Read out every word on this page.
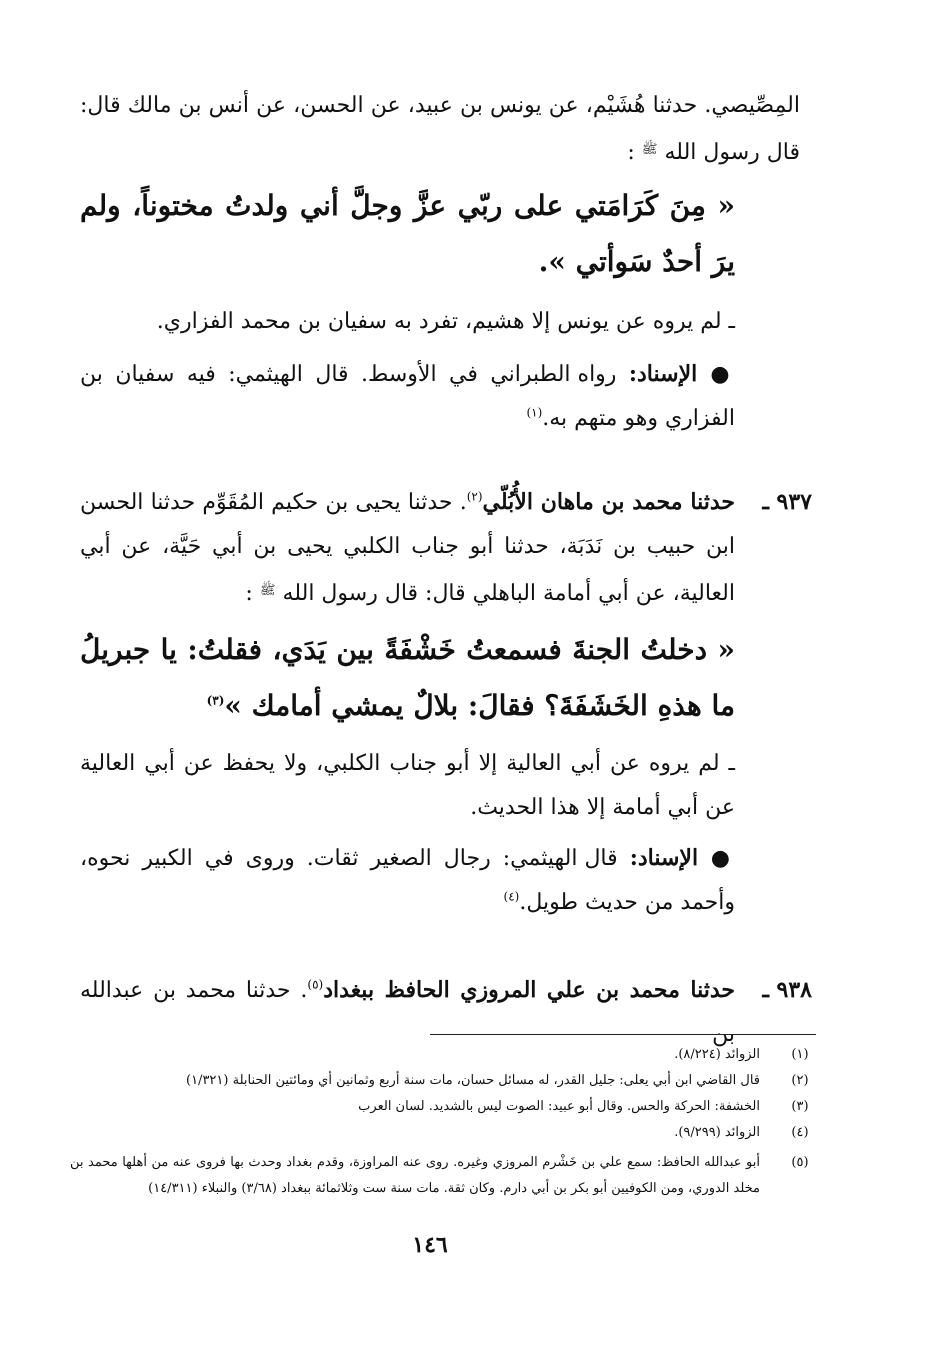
المِصِّيصي. حدثنا هُشَيْم، عن يونس بن عبيد، عن الحسن، عن أنس بن مالك قال: قال رسول الله $^ﷺ$ :

« مِنَ كَرَامَتي على ربّي عزَّ وجلَّ أني ولدتُ مختوناً، ولم يرَ أحدٌ سَوأتي ».

ـ لم يروه عن يونس إلا هشيم، تفرد به سفيان بن محمد الفزاري.

● الإسناد: رواه الطبراني في الأوسط. قال الهيثمي: فيه سفيان بن الفزاري وهو متهم به.$^{(١)}$

٩٣٧ ـ

حدثنا محمد بن ماهان الأُبُلّي$^{(٢)}$. حدثنا يحيى بن حكيم المُقَوِّم حدثنا الحسن ابن حبيب بن نَدَبَة، حدثنا أبو جناب الكلبي يحيى بن أبي حَيَّة، عن أبي العالية، عن أبي أمامة الباهلي قال: قال رسول الله $^ﷺ$ :

« دخلتُ الجنةَ فسمعتُ خَشْفَةً بين يَدَي، فقلتُ: يا جبريلُ ما هذهِ الخَشَفَةَ؟ فقالَ: بلالٌ يمشي أمامك »$^{(٣)}$

ـ لم يروه عن أبي العالية إلا أبو جناب الكلبي، ولا يحفظ عن أبي العالية عن أبي أمامة إلا هذا الحديث.

● الإسناد: قال الهيثمي: رجال الصغير ثقات. وروى في الكبير نحوه، وأحمد من حديث طويل.$^{(٤)}$

٩٣٨ ـ

حدثنا محمد بن علي المروزي الحافظ ببغداد$^{(٥)}$. حدثنا محمد بن عبدالله بن

(١)
الزوائد (٨/٢٢٤).
(٢)
قال القاضي ابن أبي يعلى: جليل القدر، له مسائل حسان، مات سنة أربع وثمانين أي ومائتين الحنابلة (١/٣٢١)
(٣)
الخشفة: الحركة والحس. وقال أبو عبيد: الصوت ليس بالشديد. لسان العرب
(٤)
الزوائد (٩/٢٩٩).
(٥)
أبو عبدالله الحافظ: سمع علي بن خَشْرم المروزي وغيره. روى عنه المراوزة، وقدم بغداد وحدث بها فروى عنه من أهلها محمد بن مخلد الدوري، ومن الكوفيين أبو بكر بن أبي دارم. وكان ثقة. مات سنة ست وثلاثمائة ببغداد (٣/٦٨) والنبلاء (١٤/٣١١)
١٤٦
